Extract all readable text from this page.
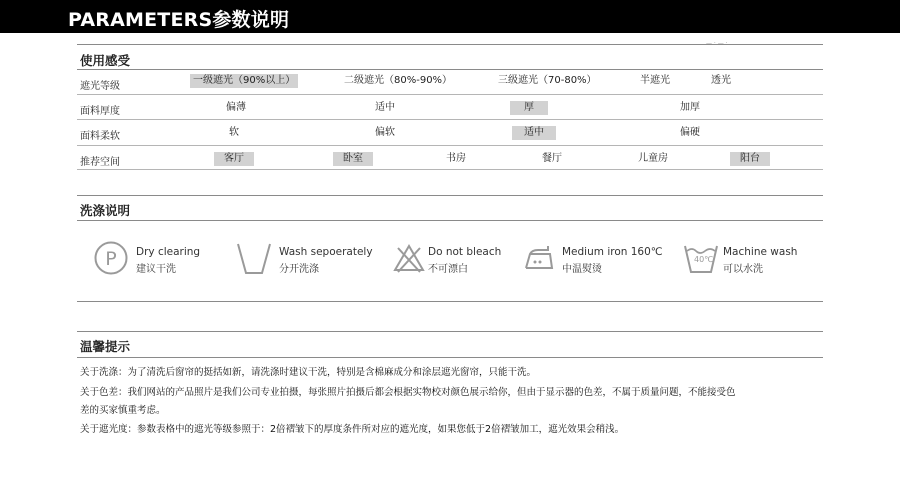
PARAMETERS参数说明
— · — ·
使用感受
遮光等级
一级遮光（90%以上）	二级遮光（80%-90%）	三级遮光（70-80%）	半遮光	透光
面料厚度	偏薄	适中	厚	加厚
面料柔软	软	偏软	适中	偏硬
推荐空间	客厅	卧室	书房	餐厅	儿童房	阳台
洗涤说明
P Dry clearing
建议干洗
Wash sepoerately
分开洗涤
Do not bleach
不可漂白
Medium iron 160℃
中温熨烫
40℃
Machine wash
可以水洗
温馨提示
关于洗涤：为了清洗后窗帘的挺括如新，请洗涤时建议干洗，特别是含棉麻成分和涂层遮光窗帘，只能干洗。
关于色差：我们网站的产品照片是我们公司专业拍摄，每张照片拍摄后都会根据实物校对颜色展示给你，但由于显示器的色差，不属于质量问题，不能接受色
差的买家慎重考虑。
关于遮光度：参数表格中的遮光等级参照于：2倍褶皱下的厚度条件所对应的遮光度，如果您低于2倍褶皱加工，遮光效果会稍浅。
